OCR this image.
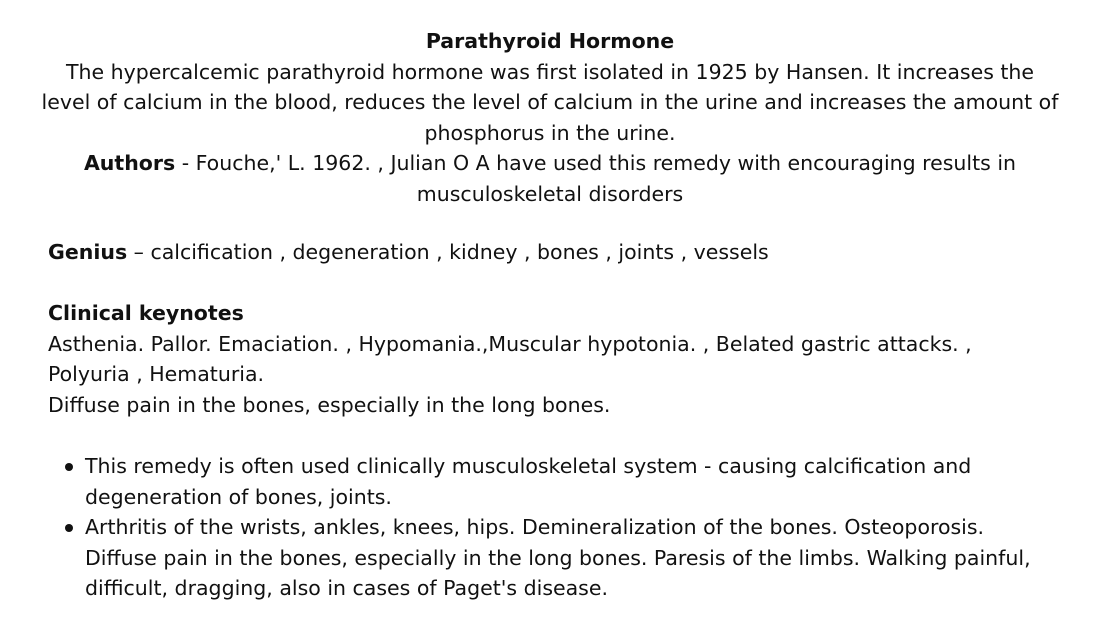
Parathyroid Hormone

The hypercalcemic parathyroid hormone was first isolated in 1925 by Hansen. It increases the level of calcium in the blood, reduces the level of calcium in the urine and increases the amount of phosphorus in the urine.

Authors - Fouche,' L. 1962. , Julian O A have used this remedy with encouraging results in musculoskeletal disorders

Genius – calcification , degeneration , kidney , bones , joints , vessels

Clinical keynotes

Asthenia. Pallor. Emaciation. , Hypomania.,Muscular hypotonia. , Belated gastric attacks. , Polyuria , Hematuria.

Diffuse pain in the bones, especially in the long bones.

This remedy is often used clinically musculoskeletal system - causing calcification and degeneration of bones, joints.
Arthritis of the wrists, ankles, knees, hips. Demineralization of the bones. Osteoporosis. Diffuse pain in the bones, especially in the long bones. Paresis of the limbs. Walking painful, difficult, dragging, also in cases of Paget's disease.
